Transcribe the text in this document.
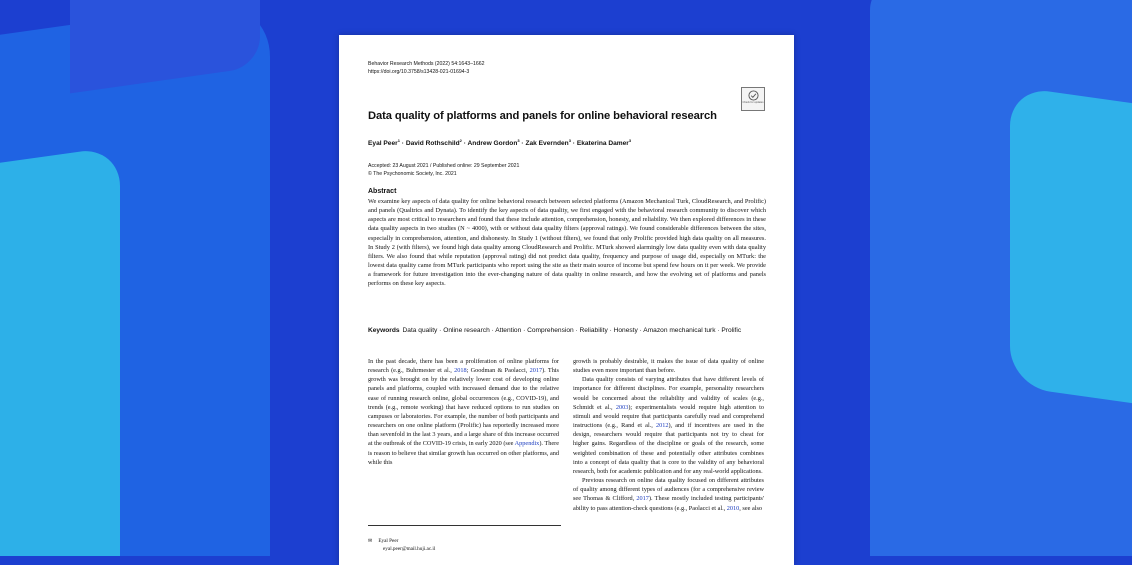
Behavior Research Methods (2022) 54:1643–1662
https://doi.org/10.3758/s13428-021-01694-3
Check for updates
Data quality of platforms and panels for online behavioral research
Eyal Peer$^1$ · David Rothschild$^2$ · Andrew Gordon$^3$ · Zak Evernden$^3$ · Ekaterina Damer$^3$
Accepted: 23 August 2021 / Published online: 29 September 2021
© The Psychonomic Society, Inc. 2021
Abstract
We examine key aspects of data quality for online behavioral research between selected platforms (Amazon Mechanical Turk, CloudResearch, and Prolific) and panels (Qualtrics and Dynata). To identify the key aspects of data quality, we first engaged with the behavioral research community to discover which aspects are most critical to researchers and found that these include attention, comprehension, honesty, and reliability. We then explored differences in these data quality aspects in two studies (N ~ 4000), with or without data quality filters (approval ratings). We found considerable differences between the sites, especially in comprehension, attention, and dishonesty. In Study 1 (without filters), we found that only Prolific provided high data quality on all measures. In Study 2 (with filters), we found high data quality among CloudResearch and Prolific. MTurk showed alarmingly low data quality even with data quality filters. We also found that while reputation (approval rating) did not predict data quality, frequency and purpose of usage did, especially on MTurk: the lowest data quality came from MTurk participants who report using the site as their main source of income but spend few hours on it per week. We provide a framework for future investigation into the ever-changing nature of data quality in online research, and how the evolving set of platforms and panels performs on these key aspects.
Keywords Data quality · Online research · Attention · Comprehension · Reliability · Honesty · Amazon mechanical turk · Prolific

In the past decade, there has been a proliferation of online platforms for research (e.g., Buhrmester et al., 2018; Goodman & Paolacci, 2017). This growth was brought on by the relatively lower cost of developing online panels and platforms, coupled with increased demand due to the relative ease of running research online, global occurrences (e.g., COVID-19), and trends (e.g., remote working) that have reduced options to run studies on campuses or laboratories. For example, the number of both participants and researchers on one online platform (Prolific) has reportedly increased more than sevenfold in the last 3 years, and a large share of this increase occurred at the outbreak of the COVID-19 crisis, in early 2020 (see Appendix). There is reason to believe that similar growth has occurred on other platforms, and while this

growth is probably desirable, it makes the issue of data quality of online studies even more important than before.

Data quality consists of varying attributes that have different levels of importance for different disciplines. For example, personality researchers would be concerned about the reliability and validity of scales (e.g., Schmidt et al., 2003); experimentalists would require high attention to stimuli and would require that participants carefully read and comprehend instructions (e.g., Rand et al., 2012), and if incentives are used in the design, researchers would require that participants not try to cheat for higher gains. Regardless of the discipline or goals of the research, some weighted combination of these and potentially other attributes combines into a concept of data quality that is core to the validity of any behavioral research, both for academic publication and for any real-world applications.

Previous research on online data quality focused on different attributes of quality among different types of audiences (for a comprehensive review see Thomas & Clifford, 2017). These mostly included testing participants' ability to pass attention-check questions (e.g., Paolacci et al., 2010, see also

✉ Eyal Peer
eyal.peer@mail.huji.ac.il
